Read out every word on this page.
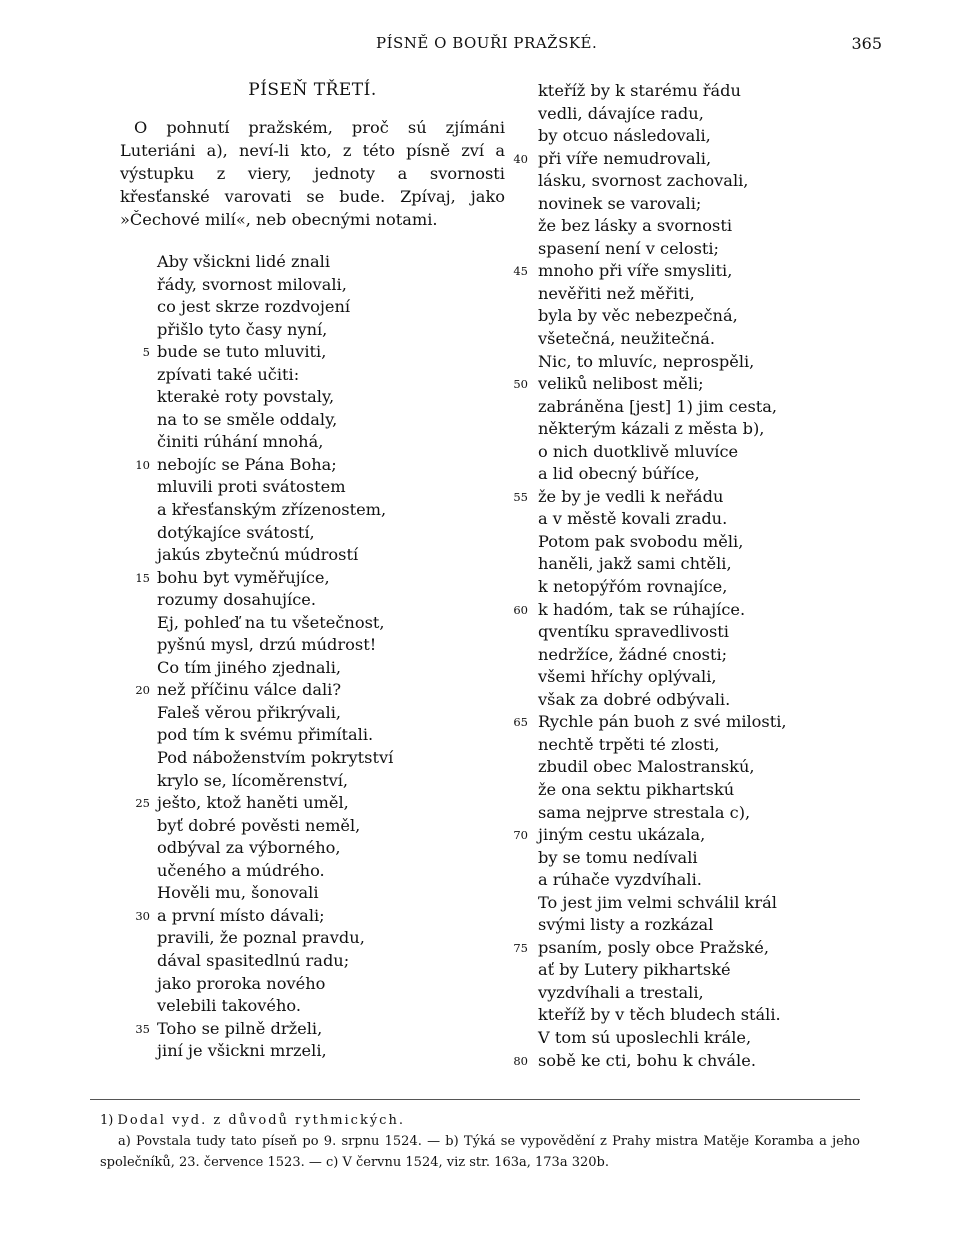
PÍSNĚ O BOUŘI PRAŽSKÉ.	365
PÍSEŇ TŘETÍ.
O pohnutí pražském, proč sú zjímáni Luteriáni a), neví-li kto, z této písně zví a výstupku z viery, jednoty a svornosti křesťanské varovati se bude. Zpívaj, jako »Čechové milí«, neb obecnými notami.
Aby všickni lidé znali
řády, svornost milovali,
co jest skrze rozdvojení
přišlo tyto časy nyní,
5 bude se tuto mluviti,
zpívati také učiti:
kterakė roty povstaly,
na to se směle oddaly,
činiti rúhání mnohá,
10 nebojíc se Pána Boha;
mluvili proti svátostem
a křesťanským zřízenostem,
dotýkajíce svátostí,
jakús zbytečnú múdrostí
15 bohu byt vyměřujíce,
rozumy dosahujíce.
Ej, pohleď na tu všetečnost,
pyšnú mysl, drzú múdrost!
Co tím jiného zjednali,
20 než příčinu válce dali?
Faleš věrou přikrývali,
pod tím k svému přimítali.
Pod náboženstvím pokrytství
krylo se, lícoměrenství,
25 ješto, ktož haněti uměl,
byť dobré pověsti neměl,
odbýval za výborného,
učeného a múdrého.
Hověli mu, šonovali
30 a první místo dávali;
pravili, že poznal pravdu,
dával spasitedlnú radu;
jako proroka nového
velebili takového.
35 Toho se pilně drželi,
jiní je všickni mrzeli,
kteříž by k starému řádu
vedli, dávajíce radu,
by otcuo následovali,
40 při víře nemudrovali,
lásku, svornost zachovali,
novinek se varovali;
že bez lásky a svornosti
spasení není v celosti;
45 mnoho při víře smysliti,
nevěřiti než měřiti,
byla by věc nebezpečná,
všetečná, neužitečná.
Nic, to mluvíc, neprospěli,
50 veliků nelibost měli;
zabráněna [jest] 1) jim cesta,
některým kázali z města b),
o nich duotklivě mluvíce
a lid obecný búříce,
55 že by je vedli k neřádu
a v městě kovali zradu.
Potom pak svobodu měli,
haněli, jakž sami chtěli,
k netopýřóm rovnajíce,
60 k hadóm, tak se rúhajíce.
qventíku spravedlivosti
nedržíce, žádné cnosti;
všemi hříchy oplývali,
však za dobré odbývali.
65 Rychle pán buoh z své milosti,
nechtě trpěti té zlosti,
zbudil obec Malostranskú,
že ona sektu pikhartskú
sama nejprve strestala c),
70 jiným cestu ukázala,
by se tomu nedívali
a rúhače vyzdvíhali.
To jest jim velmi schválil král
svými listy a rozkázal
75 psaním, posly obce Pražské,
ať by Lutery pikhartské
vyzdvíhali a trestali,
kteříž by v těch bludech stáli.
V tom sú uposlechli krále,
80 sobě ke cti, bohu k chvále.
1) Dodal vyd. z důvodů rythmických.
a) Povstala tudy tato píseň po 9. srpnu 1524. — b) Týká se vypovědění z Prahy mistra Matěje Koramba a jeho společníků, 23. července 1523. — c) V červnu 1524, viz str. 163a, 173a 320b.
